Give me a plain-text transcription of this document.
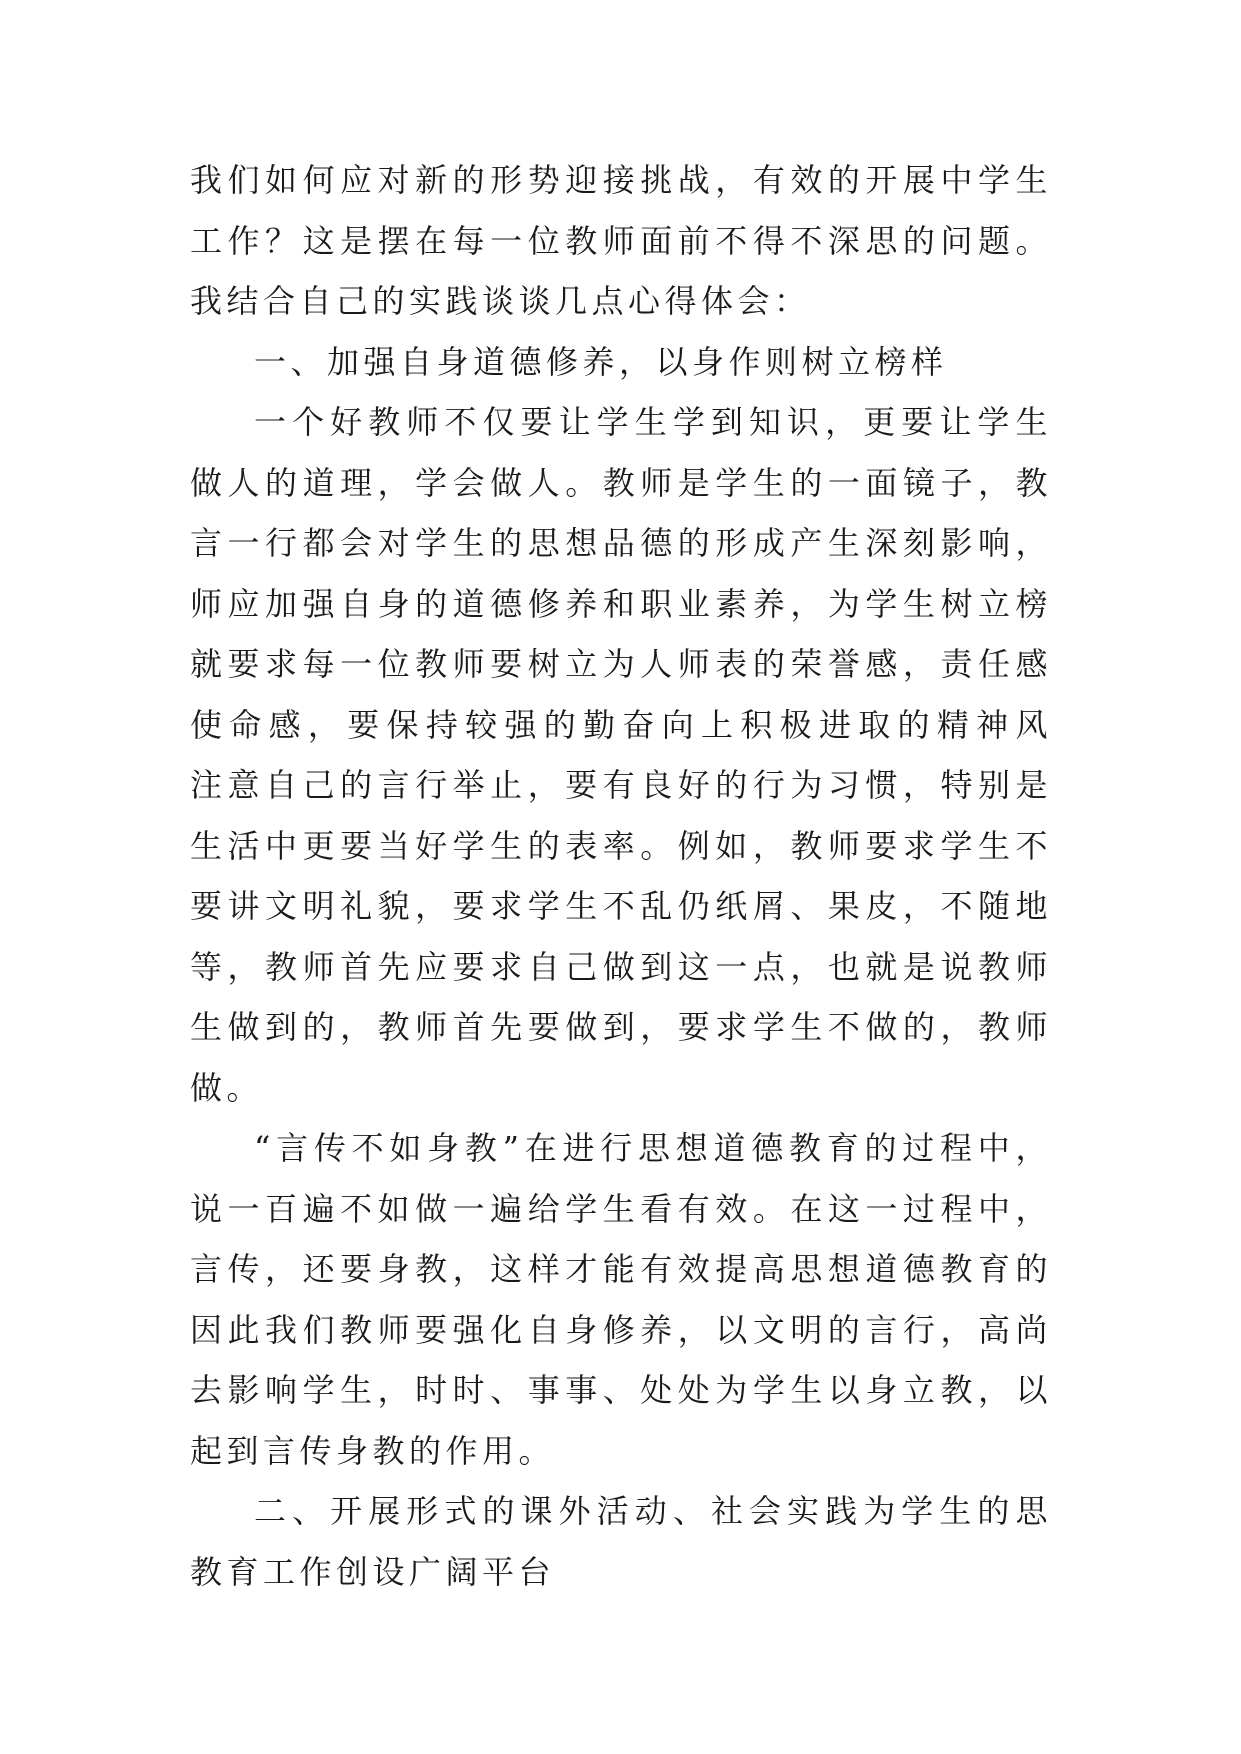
我们如何应对新的形势迎接挑战，有效的开展中学生
工作？这是摆在每一位教师面前不得不深思的问题。
我结合自己的实践谈谈几点心得体会：
一、加强自身道德修养，以身作则树立榜样
一个好教师不仅要让学生学到知识，更要让学生
做人的道理，学会做人。教师是学生的一面镜子，教
言一行都会对学生的思想品德的形成产生深刻影响，
师应加强自身的道德修养和职业素养，为学生树立榜
就要求每一位教师要树立为人师表的荣誉感，责任感
使命感，要保持较强的勤奋向上积极进取的精神风
注意自己的言行举止，要有良好的行为习惯，特别是
生活中更要当好学生的表率。例如，教师要求学生不
要讲文明礼貌，要求学生不乱仍纸屑、果皮，不随地
等，教师首先应要求自己做到这一点，也就是说教师
生做到的，教师首先要做到，要求学生不做的，教师
做。
“言传不如身教”在进行思想道德教育的过程中，
说一百遍不如做一遍给学生看有效。在这一过程中，
言传，还要身教，这样才能有效提高思想道德教育的
因此我们教师要强化自身修养，以文明的言行，高尚
去影响学生，时时、事事、处处为学生以身立教，以
起到言传身教的作用。
二、开展形式的课外活动、社会实践为学生的思
教育工作创设广阔平台
